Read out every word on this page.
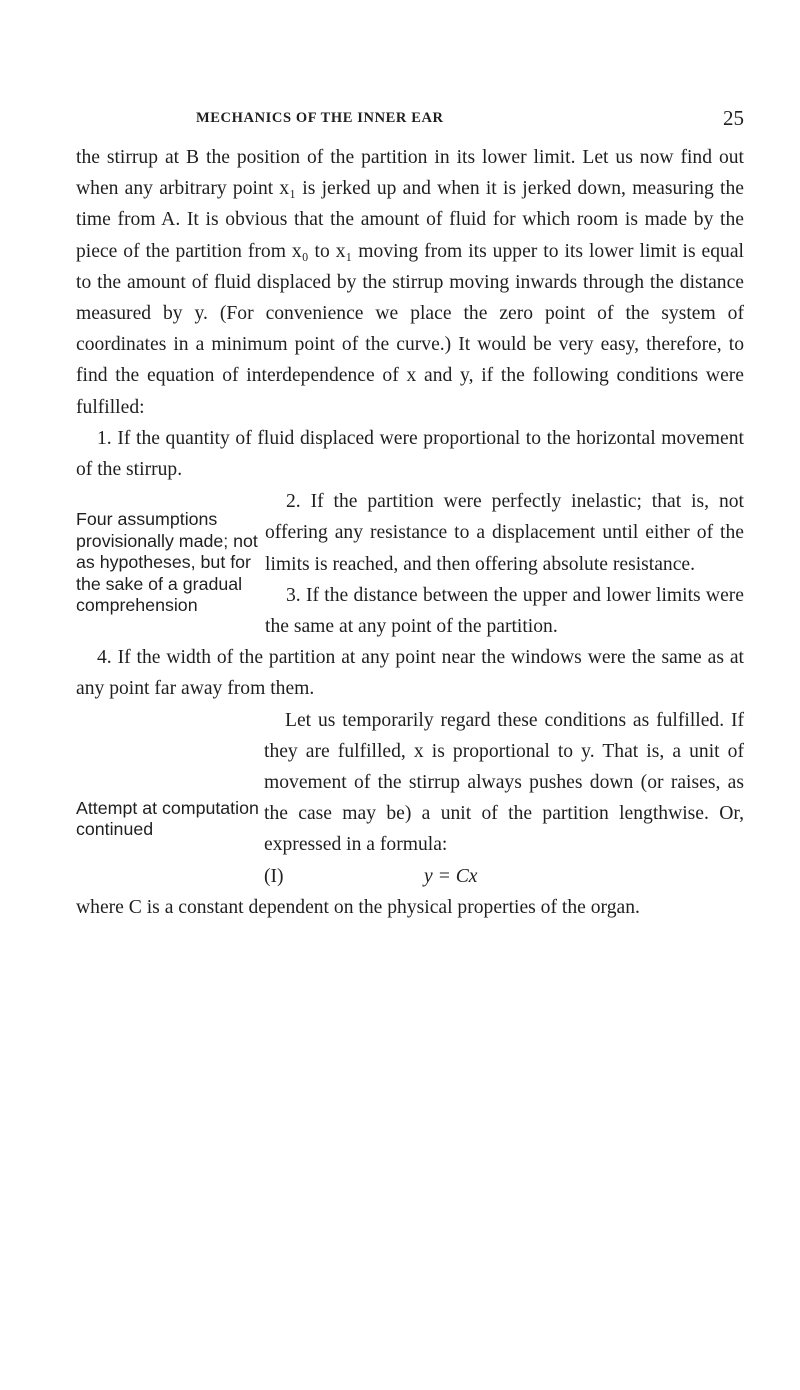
MECHANICS OF THE INNER EAR	25

the stirrup at B the position of the partition in its lower limit. Let us now find out when any arbitrary point x₁ is jerked up and when it is jerked down, measuring the time from A. It is obvious that the amount of fluid for which room is made by the piece of the partition from x₀ to x₁ moving from its upper to its lower limit is equal to the amount of fluid displaced by the stirrup moving inwards through the distance measured by y. (For convenience we place the zero point of the system of coordinates in a minimum point of the curve.) It would be very easy, therefore, to find the equation of interdependence of x and y, if the following conditions were fulfilled:

1. If the quantity of fluid displaced were proportional to the horizontal movement of the stirrup.

Four assumptions provisionally made; not as hypotheses, but for the sake of a gradual comprehension

2. If the partition were perfectly inelastic; that is, not offering any resistance to a displacement until either of the limits is reached, and then offering absolute resistance.

3. If the distance between the upper and lower limits were the same at any point of the partition.

4. If the width of the partition at any point near the windows were the same as at any point far away from them.

Attempt at computation continued

Let us temporarily regard these conditions as fulfilled. If they are fulfilled, x is proportional to y. That is, a unit of movement of the stirrup always pushes down (or raises, as the case may be) a unit of the partition lengthwise. Or, expressed in a formula:

(I)	y = Cx

where C is a constant dependent on the physical properties of the organ.
